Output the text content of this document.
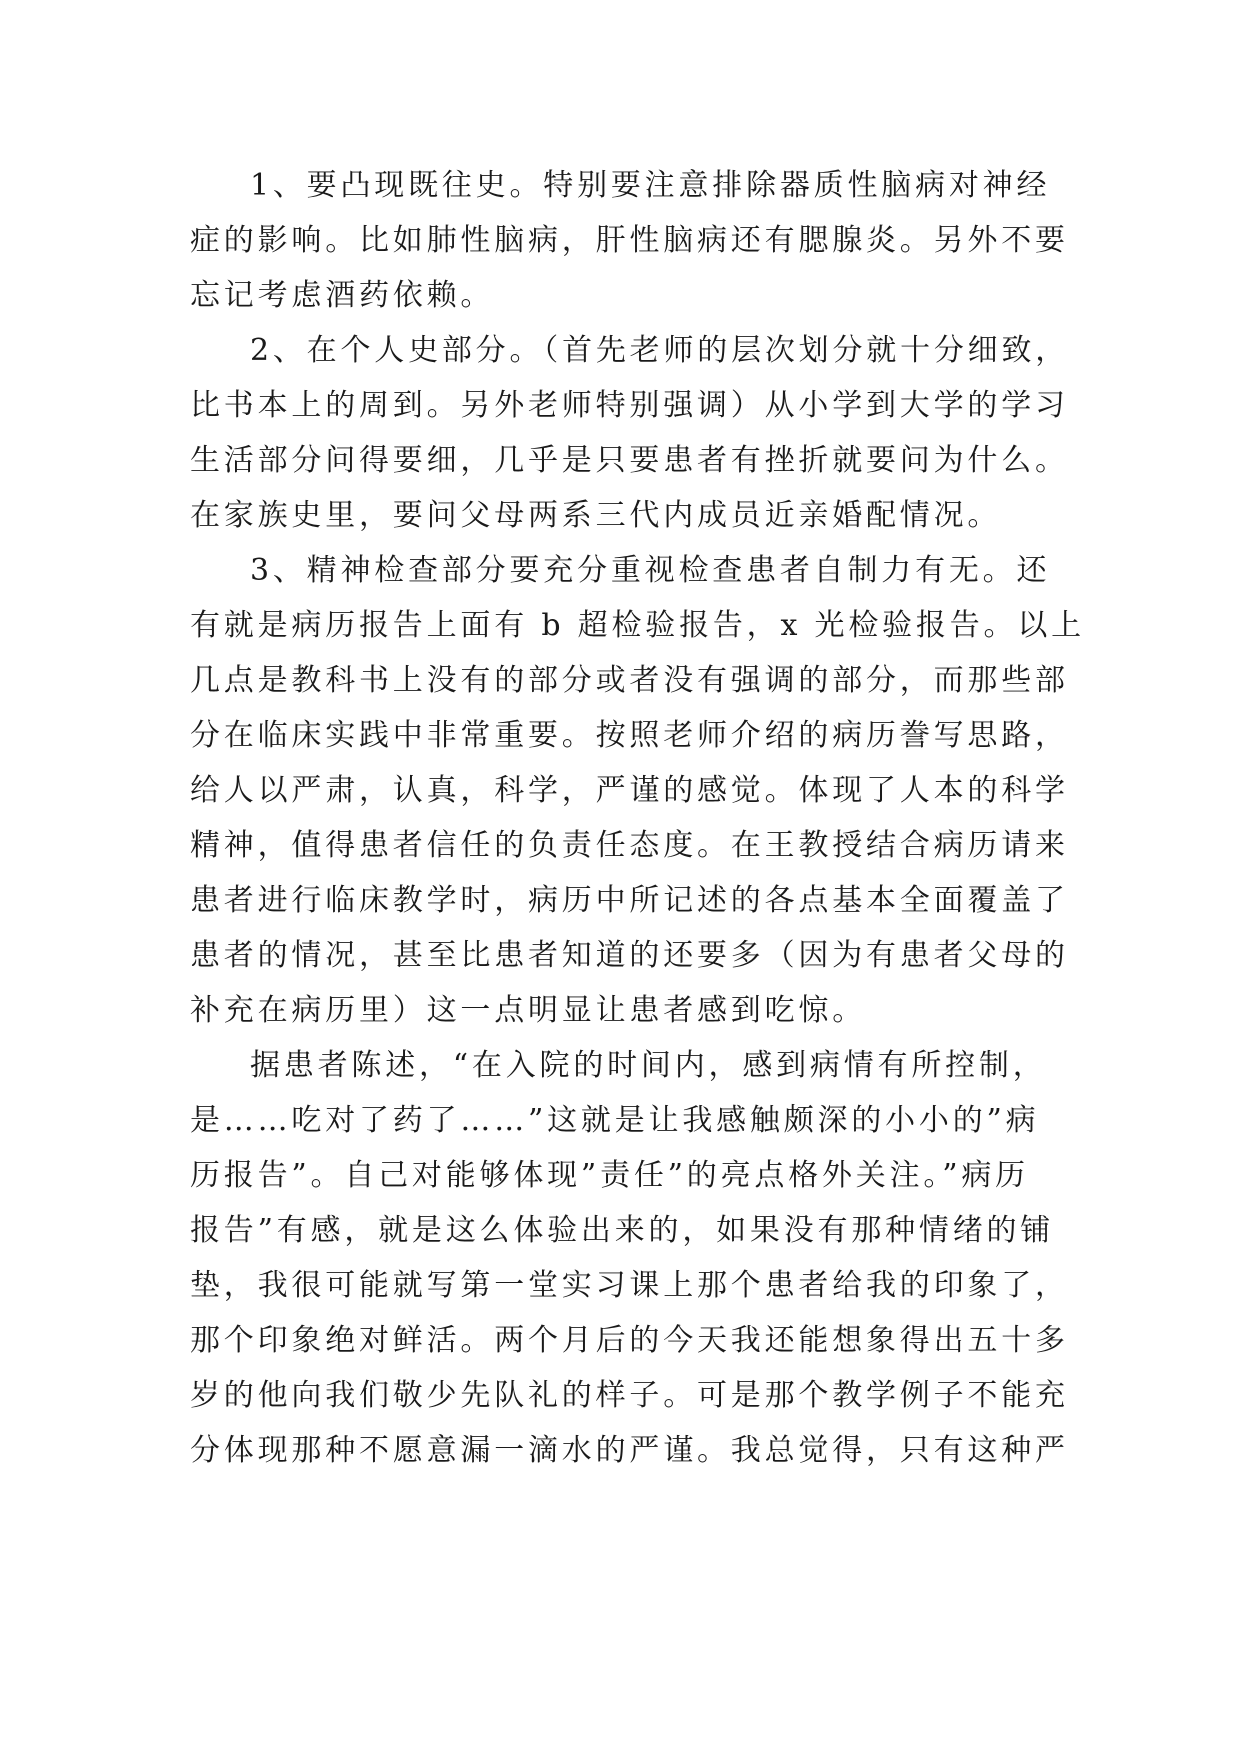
1、要凸现既往史。特别要注意排除器质性脑病对神经
症的影响。比如肺性脑病，肝性脑病还有腮腺炎。另外不要
忘记考虑酒药依赖。
2、在个人史部分。（首先老师的层次划分就十分细致，
比书本上的周到。另外老师特别强调）从小学到大学的学习
生活部分问得要细，几乎是只要患者有挫折就要问为什么。
在家族史里，要问父母两系三代内成员近亲婚配情况。
3、精神检查部分要充分重视检查患者自制力有无。还
有就是病历报告上面有 b 超检验报告，x 光检验报告。以上
几点是教科书上没有的部分或者没有强调的部分，而那些部
分在临床实践中非常重要。按照老师介绍的病历誊写思路，
给人以严肃，认真，科学，严谨的感觉。体现了人本的科学
精神，值得患者信任的负责任态度。在王教授结合病历请来
患者进行临床教学时，病历中所记述的各点基本全面覆盖了
患者的情况，甚至比患者知道的还要多（因为有患者父母的
补充在病历里）这一点明显让患者感到吃惊。
据患者陈述，“在入院的时间内，感到病情有所控制，
是……吃对了药了……”这就是让我感触颇深的小小的”病
历报告”。自己对能够体现”责任”的亮点格外关注。”病历
报告”有感，就是这么体验出来的，如果没有那种情绪的铺
垫，我很可能就写第一堂实习课上那个患者给我的印象了，
那个印象绝对鲜活。两个月后的今天我还能想象得出五十多
岁的他向我们敬少先队礼的样子。可是那个教学例子不能充
分体现那种不愿意漏一滴水的严谨。我总觉得，只有这种严
